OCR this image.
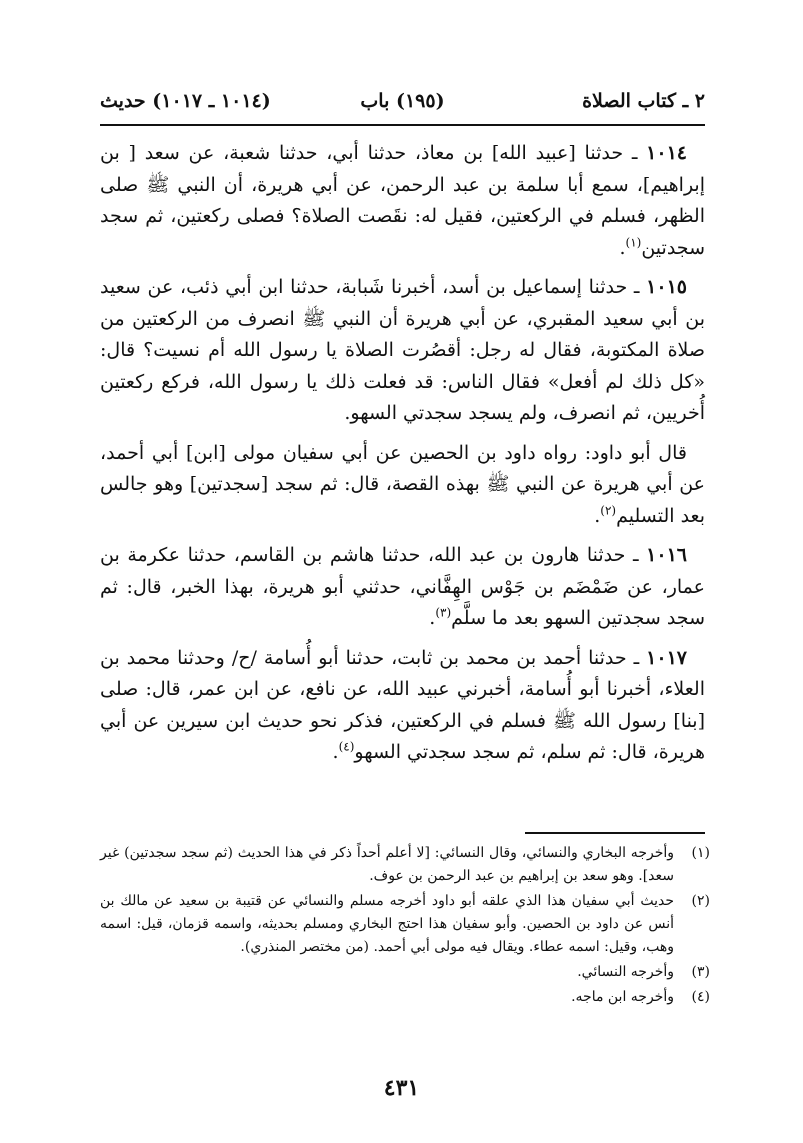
٢ ـ كتاب الصلاة
(١٩٥) باب
(١٠١٤ ـ ١٠١٧) حديث

١٠١٤ ـ حدثنا [عبيد الله] بن معاذ، حدثنا أبي، حدثنا شعبة، عن سعد [ بن إبراهيم]، سمع أبا سلمة بن عبد الرحمن، عن أبي هريرة، أن النبي ﷺ صلى الظهر، فسلم في الركعتين، فقيل له: نقَصت الصلاة؟ فصلى ركعتين، ثم سجد سجدتين$^{(١)}$.

١٠١٥ ـ حدثنا إسماعيل بن أسد، أخبرنا شَبابة، حدثنا ابن أبي ذئب، عن سعيد بن أبي سعيد المقبري، عن أبي هريرة أن النبي ﷺ انصرف من الركعتين من صلاة المكتوبة، فقال له رجل: أقصُرت الصلاة يا رسول الله أم نسيت؟ قال: «كل ذلك لم أفعل» فقال الناس: قد فعلت ذلك يا رسول الله، فركع ركعتين أُخريين، ثم انصرف، ولم يسجد سجدتي السهو.

قال أبو داود: رواه داود بن الحصين عن أبي سفيان مولى [ابن] أبي أحمد، عن أبي هريرة عن النبي ﷺ بهذه القصة، قال: ثم سجد [سجدتين] وهو جالس بعد التسليم$^{(٢)}$.

١٠١٦ ـ حدثنا هارون بن عبد الله، حدثنا هاشم بن القاسم، حدثنا عكرمة بن عمار، عن ضَمْضَم بن جَوْس الهِفَّاني، حدثني أبو هريرة، بهذا الخبر، قال: ثم سجد سجدتين السهو بعد ما سلَّم$^{(٣)}$.

١٠١٧ ـ حدثنا أحمد بن محمد بن ثابت، حدثنا أبو أُسامة /ح/ وحدثنا محمد بن العلاء، أخبرنا أبو أُسامة، أخبرني عبيد الله، عن نافع، عن ابن عمر، قال: صلى [بنا] رسول الله ﷺ فسلم في الركعتين، فذكر نحو حديث ابن سيرين عن أبي هريرة، قال: ثم سلم، ثم سجد سجدتي السهو$^{(٤)}$.

(١)
وأخرجه البخاري والنسائي، وقال النسائي: [لا أعلم أحداً ذكر في هذا الحديث (ثم سجد سجدتين) غير سعد]. وهو سعد بن إبراهيم بن عبد الرحمن بن عوف.
(٢)
حديث أبي سفيان هذا الذي علقه أبو داود أخرجه مسلم والنسائي عن قتيبة بن سعيد عن مالك بن أنس عن داود بن الحصين. وأبو سفيان هذا احتج البخاري ومسلم بحديثه، واسمه قزمان، قيل: اسمه وهب، وقيل: اسمه عطاء. ويقال فيه مولى أبي أحمد. (من مختصر المنذري).
(٣)
وأخرجه النسائي.
(٤)
وأخرجه ابن ماجه.
٤٣١
